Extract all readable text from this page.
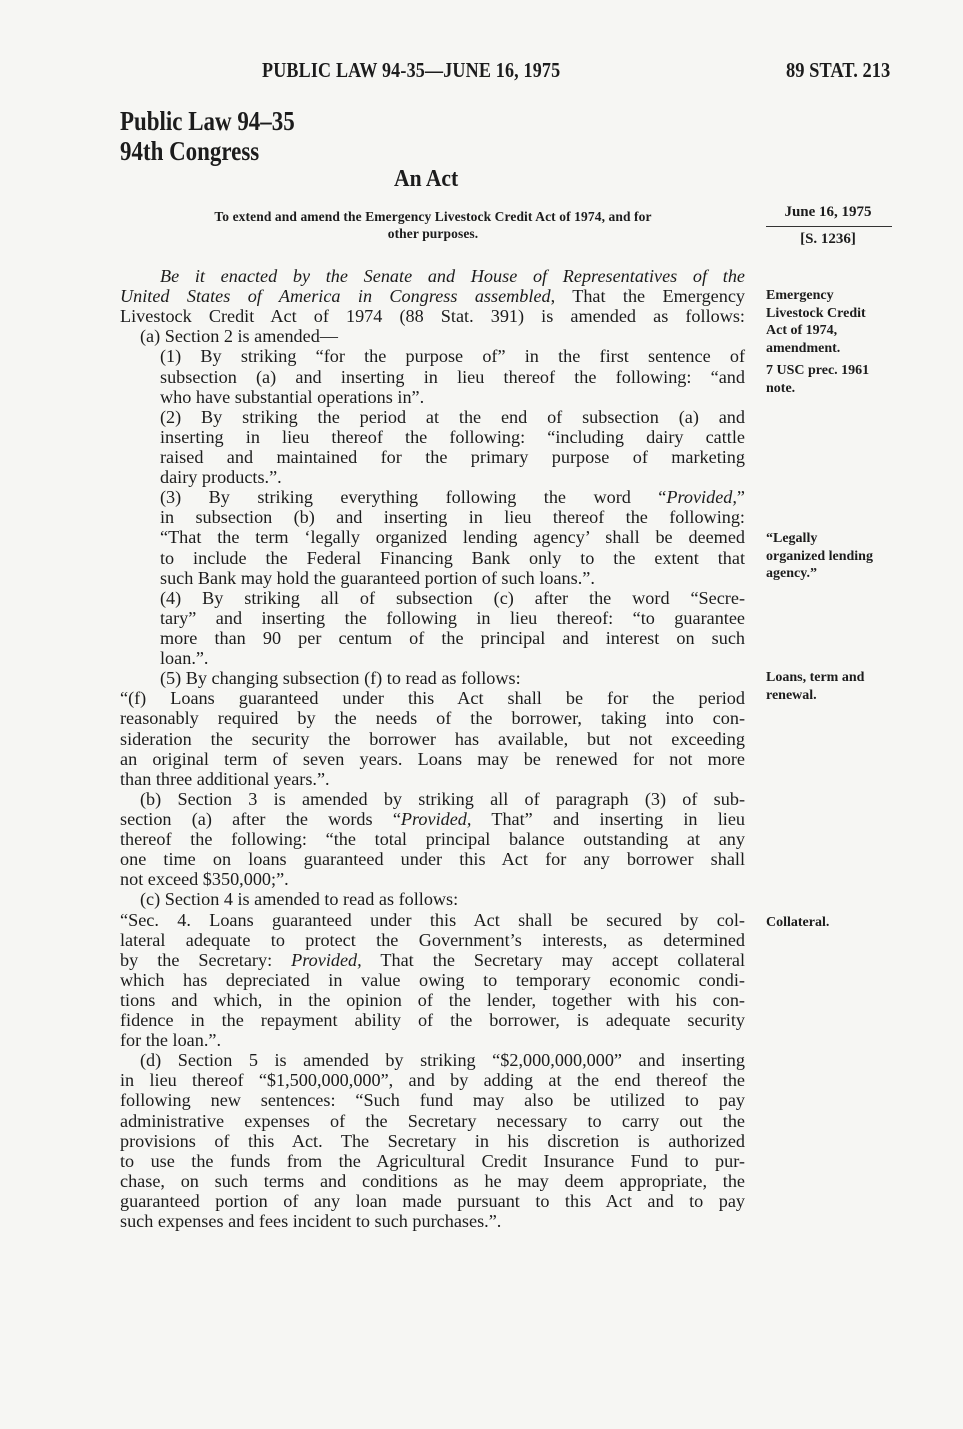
PUBLIC LAW 94-35—JUNE 16, 1975	89 STAT. 213
Public Law 94–35
94th Congress
An Act
To extend and amend the Emergency Livestock Credit Act of 1974, and for
other purposes.
June 16, 1975
[S. 1236]
Be it enacted by the Senate and House of Representatives of the
United States of America in Congress assembled, That the Emergency
Livestock Credit Act of 1974 (88 Stat. 391) is amended as follows:
(a) Section 2 is amended—
(1) By striking “for the purpose of” in the first sentence of
subsection (a) and inserting in lieu thereof the following: “and
who have substantial operations in”.
(2) By striking the period at the end of subsection (a) and
inserting in lieu thereof the following: “including dairy cattle
raised and maintained for the primary purpose of marketing
dairy products.”.
(3) By striking everything following the word “Provided,”
in subsection (b) and inserting in lieu thereof the following:
“That the term ‘legally organized lending agency’ shall be deemed
to include the Federal Financing Bank only to the extent that
such Bank may hold the guaranteed portion of such loans.”.
(4) By striking all of subsection (c) after the word “Secre-
tary” and inserting the following in lieu thereof: “to guarantee
more than 90 per centum of the principal and interest on such
loan.”.
(5) By changing subsection (f) to read as follows:
“(f) Loans guaranteed under this Act shall be for the period
reasonably required by the needs of the borrower, taking into con-
sideration the security the borrower has available, but not exceeding
an original term of seven years. Loans may be renewed for not more
than three additional years.”.
(b) Section 3 is amended by striking all of paragraph (3) of sub-
section (a) after the words “Provided, That” and inserting in lieu
thereof the following: “the total principal balance outstanding at any
one time on loans guaranteed under this Act for any borrower shall
not exceed $350,000;”.
(c) Section 4 is amended to read as follows:
“Sec. 4. Loans guaranteed under this Act shall be secured by col-
lateral adequate to protect the Government’s interests, as determined
by the Secretary: Provided, That the Secretary may accept collateral
which has depreciated in value owing to temporary economic condi-
tions and which, in the opinion of the lender, together with his con-
fidence in the repayment ability of the borrower, is adequate security
for the loan.”.
(d) Section 5 is amended by striking “$2,000,000,000” and inserting
in lieu thereof “$1,500,000,000”, and by adding at the end thereof the
following new sentences: “Such fund may also be utilized to pay
administrative expenses of the Secretary necessary to carry out the
provisions of this Act. The Secretary in his discretion is authorized
to use the funds from the Agricultural Credit Insurance Fund to pur-
chase, on such terms and conditions as he may deem appropriate, the
guaranteed portion of any loan made pursuant to this Act and to pay
such expenses and fees incident to such purchases.”.
Emergency
Livestock Credit
Act of 1974,
amendment.
7 USC prec. 1961
note.
“Legally
organized lending
agency.”
Loans, term and
renewal.
Collateral.
